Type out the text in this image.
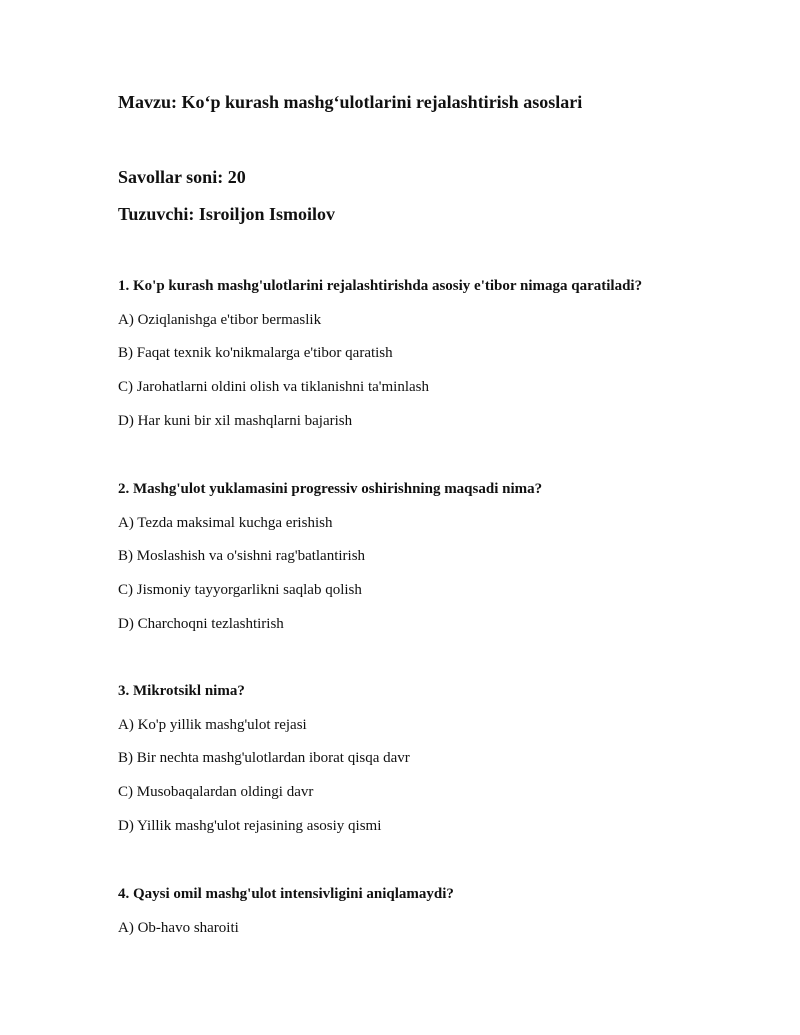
Mavzu: Ko‘p kurash mashg‘ulotlarini rejalashtirish asoslari
Savollar soni: 20
Tuzuvchi: Isroiljon Ismoilov
1. Ko'p kurash mashg'ulotlarini rejalashtirishda asosiy e'tibor nimaga qaratiladi?
A) Oziqlanishga e'tibor bermaslik
B) Faqat texnik ko'nikmalarga e'tibor qaratish
C) Jarohatlarni oldini olish va tiklanishni ta'minlash
D) Har kuni bir xil mashqlarni bajarish
2. Mashg'ulot yuklamasini progressiv oshirishning maqsadi nima?
A) Tezda maksimal kuchga erishish
B) Moslashish va o'sishni rag'batlantirish
C) Jismoniy tayyorgarlikni saqlab qolish
D) Charchoqni tezlashtirish
3. Mikrotsikl nima?
A) Ko'p yillik mashg'ulot rejasi
B) Bir nechta mashg'ulotlardan iborat qisqa davr
C) Musobaqalardan oldingi davr
D) Yillik mashg'ulot rejasining asosiy qismi
4. Qaysi omil mashg'ulot intensivligini aniqlamaydi?
A) Ob-havo sharoiti
